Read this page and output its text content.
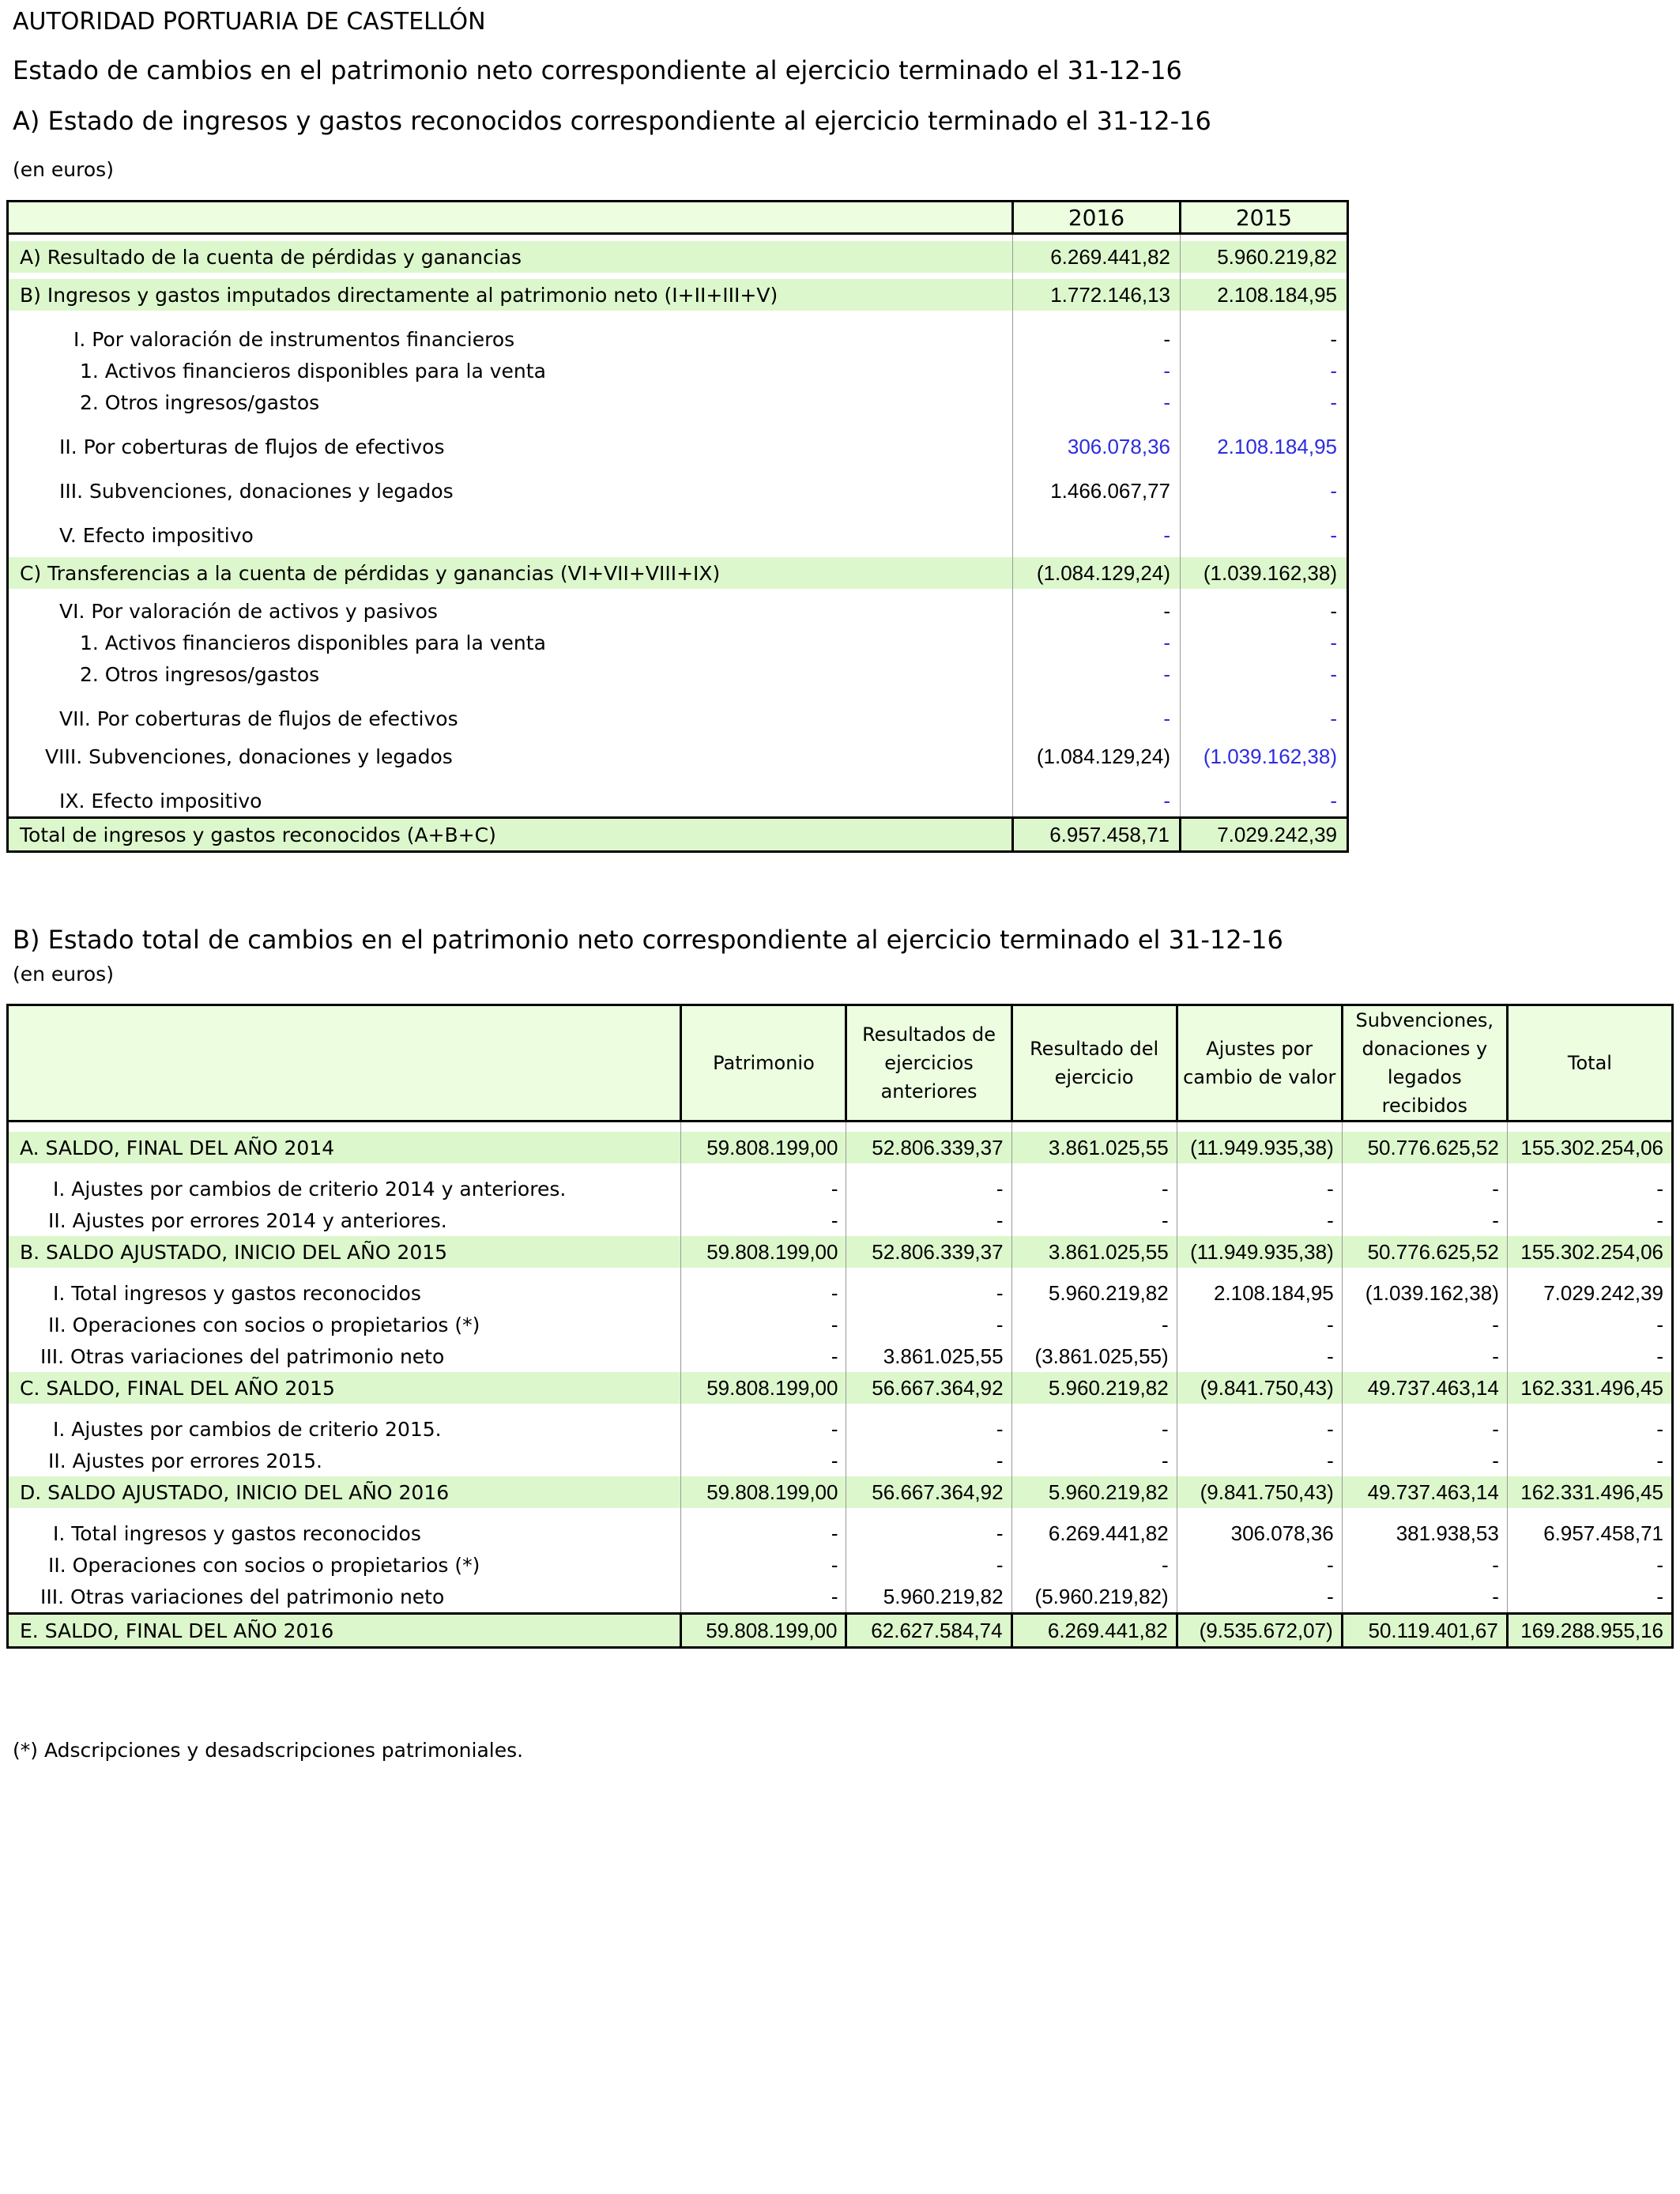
AUTORIDAD PORTUARIA DE CASTELLÓN
Estado de cambios en el patrimonio neto correspondiente al ejercicio terminado el 31-12-16
A) Estado de ingresos y gastos reconocidos correspondiente al ejercicio terminado el 31-12-16
(en euros)
	2016	2015

A) Resultado de la cuenta de pérdidas y ganancias	6.269.441,82	5.960.219,82

B) Ingresos y gastos imputados directamente al patrimonio neto (I+II+III+V)	1.772.146,13	2.108.184,95

I. Por valoración de instrumentos financieros	-	-
1. Activos financieros disponibles para la venta	-	-
2. Otros ingresos/gastos	-	-

II. Por coberturas de flujos de efectivos	306.078,36	2.108.184,95

III. Subvenciones, donaciones y legados	1.466.067,77	-

V. Efecto impositivo	-	-

C) Transferencias a la cuenta de pérdidas y ganancias (VI+VII+VIII+IX)	(1.084.129,24)	(1.039.162,38)

VI. Por valoración de activos y pasivos	-	-
1. Activos financieros disponibles para la venta	-	-
2. Otros ingresos/gastos	-	-

VII. Por coberturas de flujos de efectivos	-	-

VIII. Subvenciones, donaciones y legados	(1.084.129,24)	(1.039.162,38)

IX. Efecto impositivo	-	-
Total de ingresos y gastos reconocidos (A+B+C)	6.957.458,71	7.029.242,39
B) Estado total de cambios en el patrimonio neto correspondiente al ejercicio terminado el 31-12-16
(en euros)
	Patrimonio	Resultados de ejercicios anteriores	Resultado del ejercicio	Ajustes por cambio de valor	Subvenciones, donaciones y legados recibidos	Total

A. SALDO, FINAL DEL AÑO 2014	59.808.199,00	52.806.339,37	3.861.025,55	(11.949.935,38)	50.776.625,52	155.302.254,06

I. Ajustes por cambios de criterio 2014 y anteriores.	-	-	-	-	-	-
II. Ajustes por errores 2014 y anteriores.	-	-	-	-	-	-
B. SALDO AJUSTADO, INICIO DEL AÑO 2015	59.808.199,00	52.806.339,37	3.861.025,55	(11.949.935,38)	50.776.625,52	155.302.254,06

I. Total ingresos y gastos reconocidos	-	-	5.960.219,82	2.108.184,95	(1.039.162,38)	7.029.242,39
II. Operaciones con socios o propietarios (*)	-	-	-	-	-	-
III. Otras variaciones del patrimonio neto	-	3.861.025,55	(3.861.025,55)	-	-	-
C. SALDO, FINAL DEL AÑO 2015	59.808.199,00	56.667.364,92	5.960.219,82	(9.841.750,43)	49.737.463,14	162.331.496,45

I. Ajustes por cambios de criterio 2015.	-	-	-	-	-	-
II. Ajustes por errores 2015.	-	-	-	-	-	-
D. SALDO AJUSTADO, INICIO DEL AÑO 2016	59.808.199,00	56.667.364,92	5.960.219,82	(9.841.750,43)	49.737.463,14	162.331.496,45

I. Total ingresos y gastos reconocidos	-	-	6.269.441,82	306.078,36	381.938,53	6.957.458,71
II. Operaciones con socios o propietarios (*)	-	-	-	-	-	-
III. Otras variaciones del patrimonio neto	-	5.960.219,82	(5.960.219,82)	-	-	-
E. SALDO, FINAL DEL AÑO 2016	59.808.199,00	62.627.584,74	6.269.441,82	(9.535.672,07)	50.119.401,67	169.288.955,16
(*) Adscripciones y desadscripciones patrimoniales.
